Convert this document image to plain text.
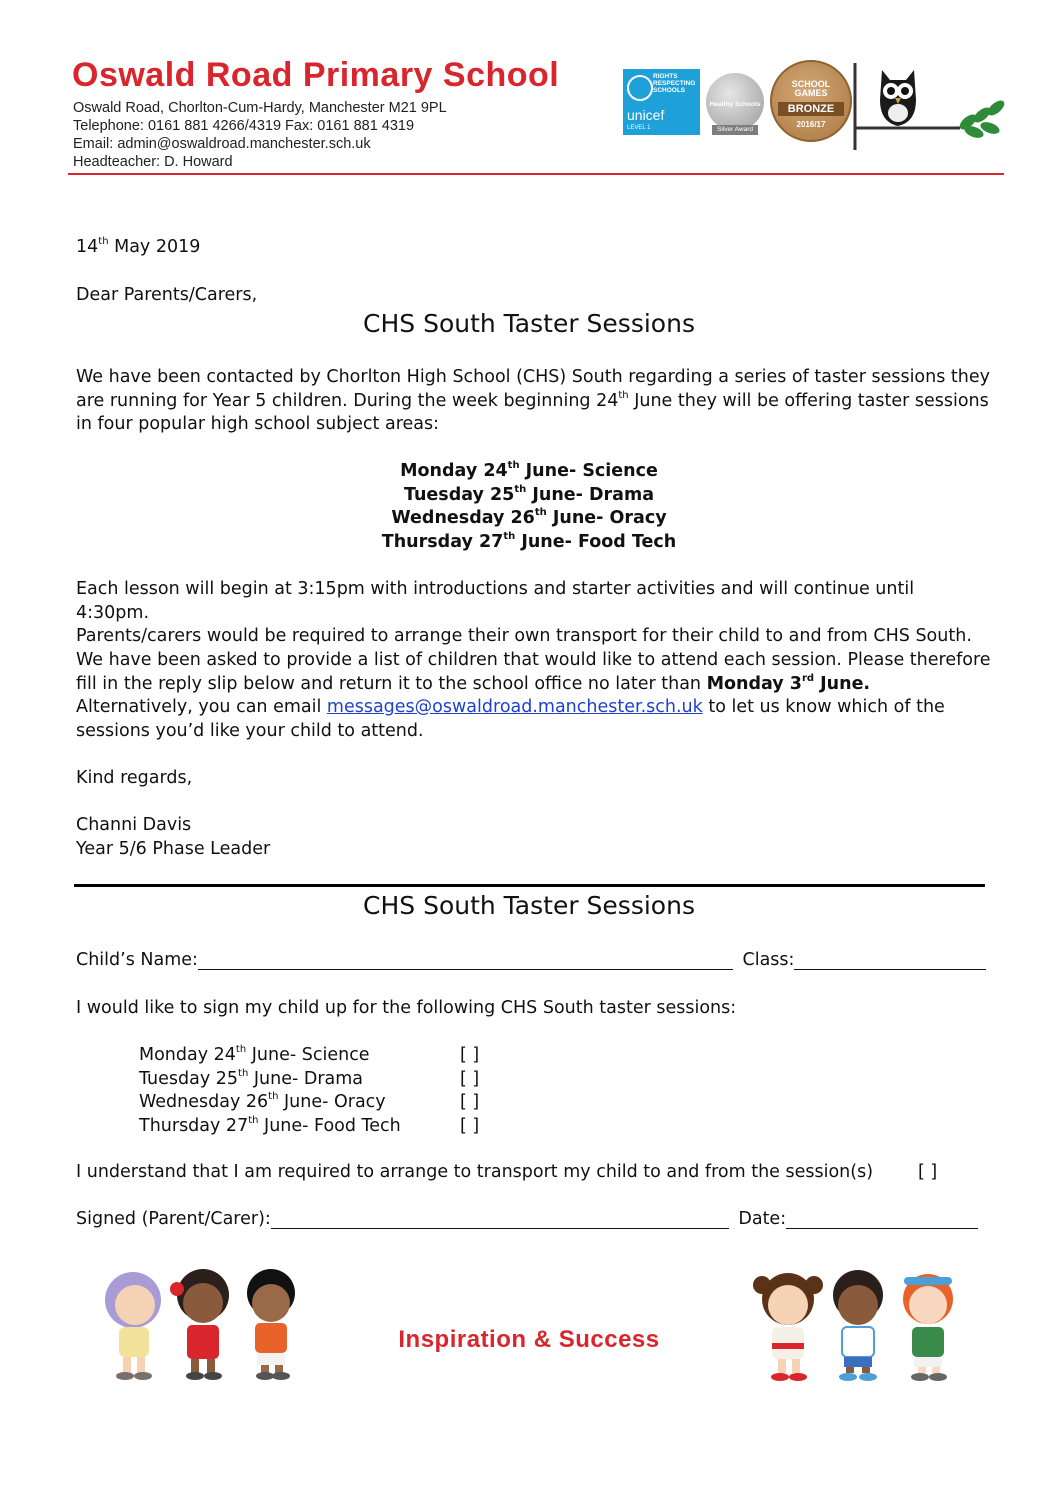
Oswald Road Primary School
Oswald Road, Chorlton-Cum-Hardy, Manchester M21 9PL
Telephone: 0161 881 4266/4319 Fax: 0161 881 4319
Email: admin@oswaldroad.manchester.sch.uk
Headteacher: D. Howard
RIGHTS
RESPECTING
SCHOOLS
unicef
LEVEL 1
Healthy Schools
Silver Award
SCHOOL
GAMES
BRONZE
2016/17
14th May 2019
Dear Parents/Carers,
CHS South Taster Sessions
We have been contacted by Chorlton High School (CHS) South regarding a series of taster sessions they
are running for Year 5 children. During the week beginning 24th June they will be offering taster sessions
in four popular high school subject areas:
Monday 24th June- Science
Tuesday 25th June- Drama
Wednesday 26th June- Oracy
Thursday 27th June- Food Tech
Each lesson will begin at 3:15pm with introductions and starter activities and will continue until 4:30pm.
Parents/carers would be required to arrange their own transport for their child to and from CHS South.
We have been asked to provide a list of children that would like to attend each session. Please therefore
fill in the reply slip below and return it to the school office no later than Monday 3rd June.
Alternatively, you can email messages@oswaldroad.manchester.sch.uk to let us know which of the
sessions you’d like your child to attend.
Kind regards,
Channi Davis
Year 5/6 Phase Leader
CHS South Taster Sessions
Child’s Name:	Class:
I would like to sign my child up for the following CHS South taster sessions:
Monday 24th June- Science	[ ]
Tuesday 25th June- Drama	[ ]
Wednesday 26th June- Oracy	[ ]
Thursday 27th June- Food Tech	[ ]
I understand that I am required to arrange to transport my child to and from the session(s)	[ ]
Signed (Parent/Carer):	Date:
Inspiration & Success
